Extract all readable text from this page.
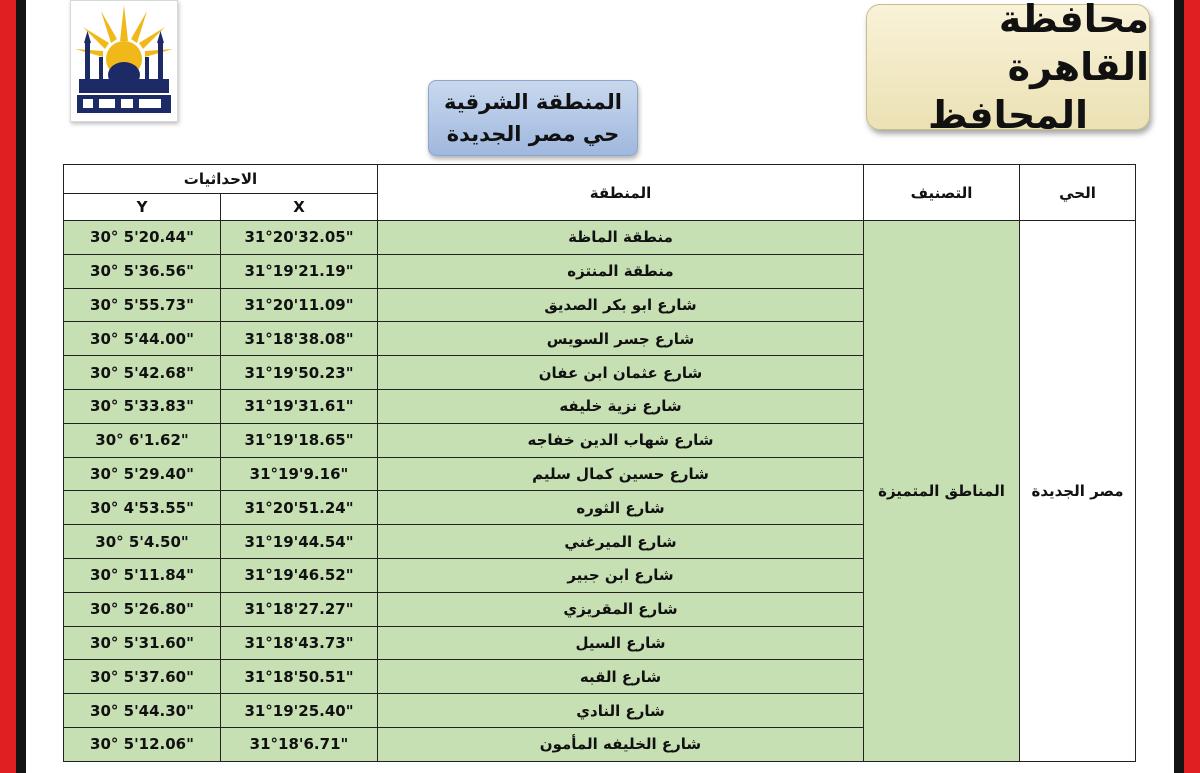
محافظة القاهرة
المحافظ
المنطقة الشرقية
حي مصر الجديدة
الاحداثيات		المنطقة	التصنيف	الحي
Y	X			
30° 5'20.44"	31°20'32.05"	منطقة الماظة	المناطق المتميزة	مصر الجديدة
30° 5'36.56"	31°19'21.19"	منطقة المنتزه		
30° 5'55.73"	31°20'11.09"	شارع ابو بكر الصديق		
30° 5'44.00"	31°18'38.08"	شارع جسر السويس		
30° 5'42.68"	31°19'50.23"	شارع عثمان ابن عفان		
30° 5'33.83"	31°19'31.61"	شارع نزية خليفه		
30° 6'1.62"	31°19'18.65"	شارع شهاب الدين خفاجه		
30° 5'29.40"	31°19'9.16"	شارع حسين كمال سليم		
30° 4'53.55"	31°20'51.24"	شارع الثوره		
30° 5'4.50"	31°19'44.54"	شارع الميرغني		
30° 5'11.84"	31°19'46.52"	شارع ابن جبير		
30° 5'26.80"	31°18'27.27"	شارع المقريزي		
30° 5'31.60"	31°18'43.73"	شارع السيل		
30° 5'37.60"	31°18'50.51"	شارع القبه		
30° 5'44.30"	31°19'25.40"	شارع النادي		
30° 5'12.06"	31°18'6.71"	شارع الخليفه المأمون		
